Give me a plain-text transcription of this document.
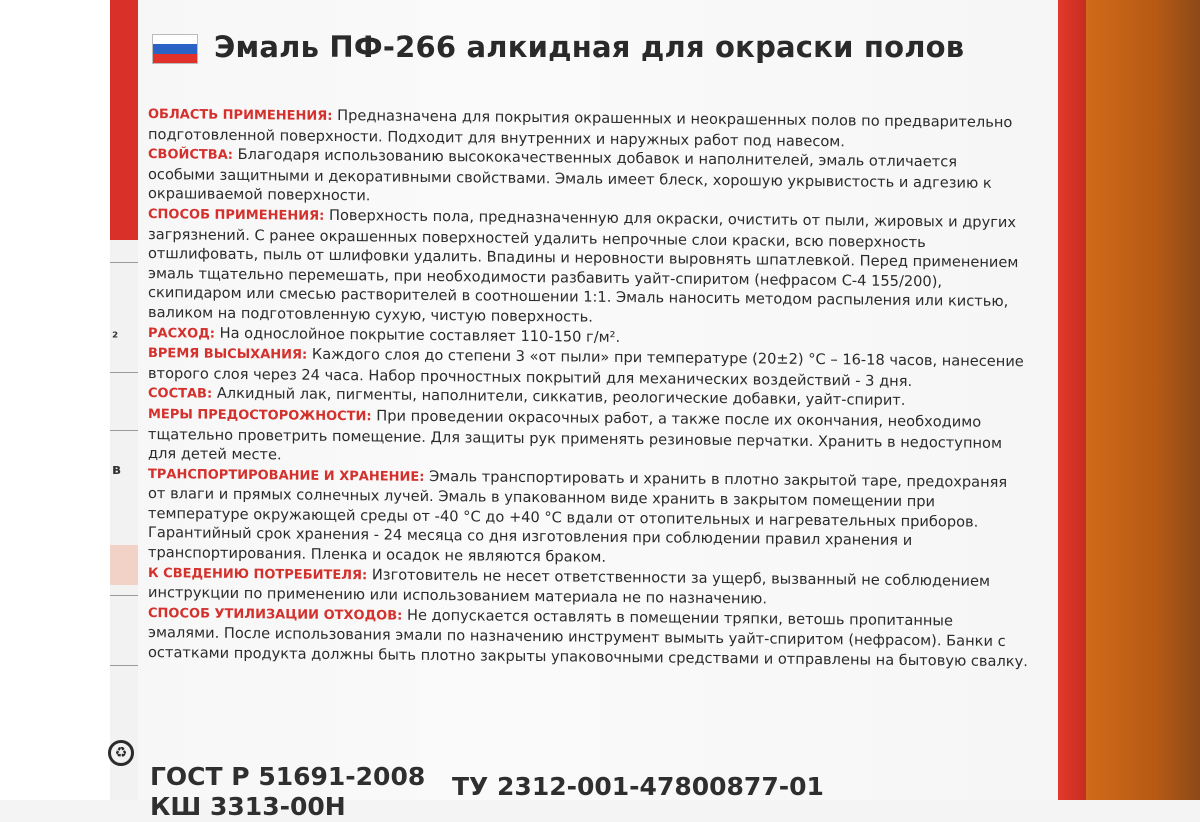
²
в
♻
Эмаль ПФ-266 алкидная для окраски полов

ОБЛАСТЬ ПРИМЕНЕНИЯ: Предназначена для покрытия окрашенных и неокрашенных полов по предварительно подготовленной поверхности. Подходит для внутренних и наружных работ под навесом.

СВОЙСТВА: Благодаря использованию высококачественных добавок и наполнителей, эмаль отличается особыми защитными и декоративными свойствами. Эмаль имеет блеск, хорошую укрывистость и адгезию к окрашиваемой поверхности.

СПОСОБ ПРИМЕНЕНИЯ: Поверхность пола, предназначенную для окраски, очистить от пыли, жировых и других загрязнений. С ранее окрашенных поверхностей удалить непрочные слои краски, всю поверхность отшлифовать, пыль от шлифовки удалить. Впадины и неровности выровнять шпатлевкой. Перед применением эмаль тщательно перемешать, при необходимости разбавить уайт-спиритом (нефрасом С-4 155/200), скипидаром или смесью растворителей в соотношении 1:1. Эмаль наносить методом распыления или кистью, валиком на подготовленную сухую, чистую поверхность.

РАСХОД: На однослойное покрытие составляет 110-150 г/м².

ВРЕМЯ ВЫСЫХАНИЯ: Каждого слоя до степени 3 «от пыли» при температуре (20±2) °С – 16-18 часов, нанесение второго слоя через 24 часа. Набор прочностных покрытий для механических воздействий - 3 дня.

СОСТАВ: Алкидный лак, пигменты, наполнители, сиккатив, реологические добавки, уайт-спирит.

МЕРЫ ПРЕДОСТОРОЖНОСТИ: При проведении окрасочных работ, а также после их окончания, необходимо тщательно проветрить помещение. Для защиты рук применять резиновые перчатки. Хранить в недоступном для детей месте.

ТРАНСПОРТИРОВАНИЕ И ХРАНЕНИЕ: Эмаль транспортировать и хранить в плотно закрытой таре, предохраняя от влаги и прямых солнечных лучей. Эмаль в упакованном виде хранить в закрытом помещении при температуре окружающей среды от -40 °С до +40 °С вдали от отопительных и нагревательных приборов. Гарантийный срок хранения - 24 месяца со дня изготовления при соблюдении правил хранения и транспортирования. Пленка и осадок не являются браком.

К СВЕДЕНИЮ ПОТРЕБИТЕЛЯ: Изготовитель не несет ответственности за ущерб, вызванный не соблюдением инструкции по применению или использованием материала не по назначению.

СПОСОБ УТИЛИЗАЦИИ ОТХОДОВ: Не допускается оставлять в помещении тряпки, ветошь пропитанные эмалями. После использования эмали по назначению инструмент вымыть уайт-спиритом (нефрасом). Банки с остатками продукта должны быть плотно закрыты упаковочными средствами и отправлены на бытовую свалку.

ГОСТ Р 51691-2008
КШ 3313-00Н
ТУ 2312-001-47800877-01
